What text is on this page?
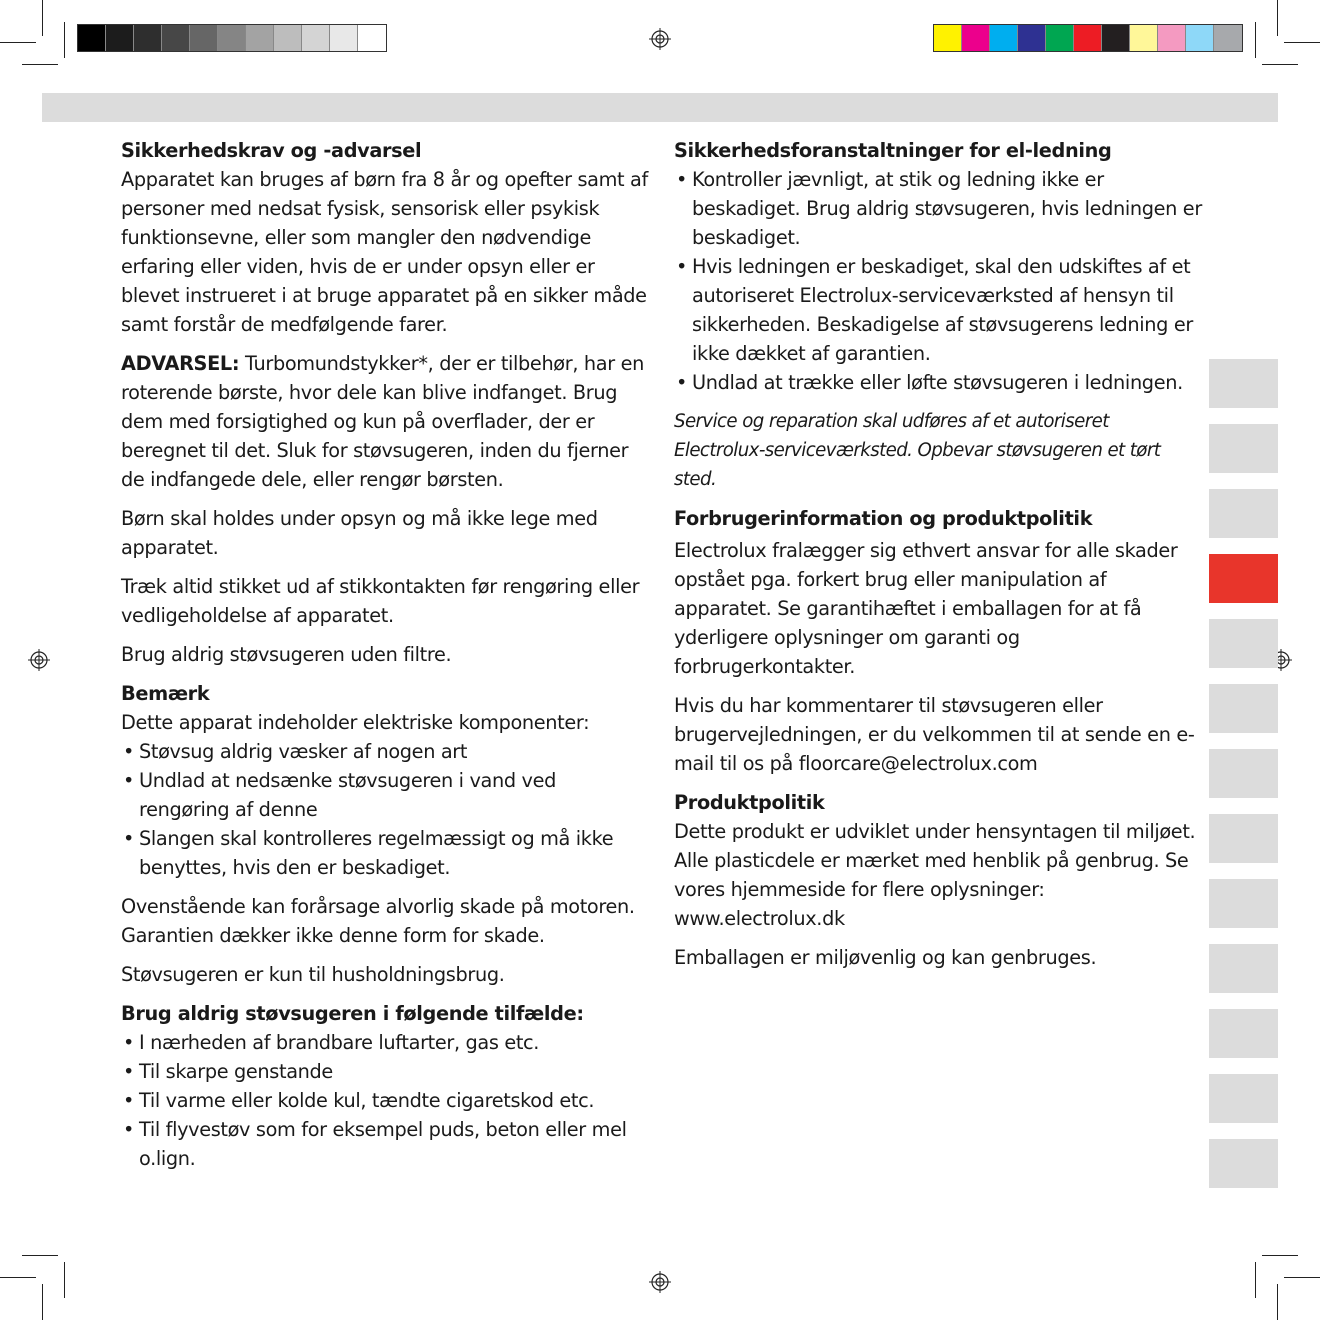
Sikkerhedskrav og -advarsel

Apparatet kan bruges af børn fra 8 år og opefter samt af personer med nedsat fysisk, sensorisk eller psykisk funktionsevne, eller som mangler den nødvendige erfaring eller viden, hvis de er under opsyn eller er blevet instrueret i at bruge apparatet på en sikker måde samt forstår de medfølgende farer.

ADVARSEL: Turbomundstykker*, der er tilbehør, har en roterende børste, hvor dele kan blive indfanget. Brug dem med forsigtighed og kun på overflader, der er beregnet til det. Sluk for støvsugeren, inden du fjerner de indfangede dele, eller rengør børsten.

Børn skal holdes under opsyn og må ikke lege med apparatet.

Træk altid stikket ud af stikkontakten før rengøring eller vedligeholdelse af apparatet.

Brug aldrig støvsugeren uden filtre.

Bemærk
Dette apparat indeholder elektriske komponenter:
• Støvsug aldrig væsker af nogen art
• Undlad at nedsænke støvsugeren i vand ved rengøring af denne
• Slangen skal kontrolleres regelmæssigt og må ikke benyttes, hvis den er beskadiget.

Ovenstående kan forårsage alvorlig skade på motoren. Garantien dækker ikke denne form for skade.

Støvsugeren er kun til husholdningsbrug.

Brug aldrig støvsugeren i følgende tilfælde:
• I nærheden af brandbare luftarter, gas etc.
• Til skarpe genstande
• Til varme eller kolde kul, tændte cigaretskod etc.
• Til flyvestøv som for eksempel puds, beton eller mel o.lign.
Sikkerhedsforanstaltninger for el-ledning
• Kontroller jævnligt, at stik og ledning ikke er beskadiget. Brug aldrig støvsugeren, hvis ledningen er beskadiget.
• Hvis ledningen er beskadiget, skal den udskiftes af et autoriseret Electrolux-serviceværksted af hensyn til sikkerheden. Beskadigelse af støvsugerens ledning er ikke dækket af garantien.
• Undlad at trække eller løfte støvsugeren i ledningen.

Service og reparation skal udføres af et autoriseret Electrolux-serviceværksted. Opbevar støvsugeren et tørt sted.

Forbrugerinformation og produktpolitik

Electrolux fralægger sig ethvert ansvar for alle skader opstået pga. forkert brug eller manipulation af apparatet. Se garantihæftet i emballagen for at få yderligere oplysninger om garanti og forbrugerkontakter.

Hvis du har kommentarer til støvsugeren eller brugervejledningen, er du velkommen til at sende en e-mail til os på floorcare@electrolux.com

Produktpolitik

Dette produkt er udviklet under hensyntagen til miljøet. Alle plasticdele er mærket med henblik på genbrug. Se vores hjemmeside for flere oplysninger: www.electrolux.dk

Emballagen er miljøvenlig og kan genbruges.
